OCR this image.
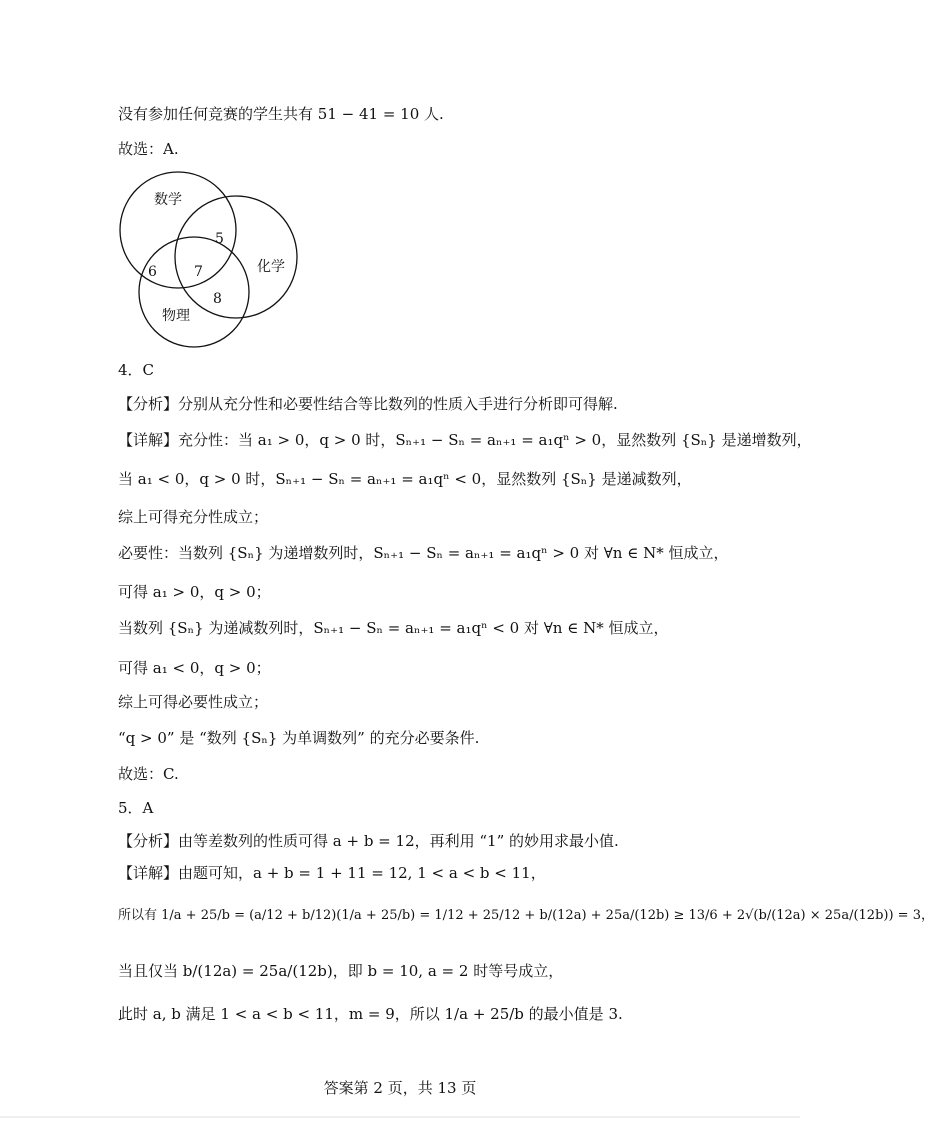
没有参加任何竞赛的学生共有 51 − 41 = 10 人.
故选：A.
数学
化学
物理
5
6	7
8
4．C
【分析】分别从充分性和必要性结合等比数列的性质入手进行分析即可得解.
【详解】充分性：当 a₁ > 0，q > 0 时，Sₙ₊₁ − Sₙ = aₙ₊₁ = a₁qⁿ > 0，显然数列 {Sₙ} 是递增数列，
当 a₁ < 0，q > 0 时，Sₙ₊₁ − Sₙ = aₙ₊₁ = a₁qⁿ < 0，显然数列 {Sₙ} 是递减数列，
综上可得充分性成立；
必要性：当数列 {Sₙ} 为递增数列时，Sₙ₊₁ − Sₙ = aₙ₊₁ = a₁qⁿ > 0 对 ∀n ∈ N* 恒成立，
可得 a₁ > 0，q > 0；
当数列 {Sₙ} 为递减数列时，Sₙ₊₁ − Sₙ = aₙ₊₁ = a₁qⁿ < 0 对 ∀n ∈ N* 恒成立，
可得 a₁ < 0，q > 0；
综上可得必要性成立；
“q > 0” 是 “数列 {Sₙ} 为单调数列” 的充分必要条件.
故选：C.
5．A
【分析】由等差数列的性质可得 a + b = 12，再利用 “1” 的妙用求最小值.
【详解】由题可知，a + b = 1 + 11 = 12, 1 < a < b < 11，
所以有 1/a + 25/b = (a/12 + b/12)(1/a + 25/b) = 1/12 + 25/12 + b/(12a) + 25a/(12b) ≥ 13/6 + 2√(b/(12a) × 25a/(12b)) = 3，
当且仅当 b/(12a) = 25a/(12b)，即 b = 10, a = 2 时等号成立，
此时 a, b 满足 1 < a < b < 11，m = 9，所以 1/a + 25/b 的最小值是 3.
答案第 2 页，共 13 页
